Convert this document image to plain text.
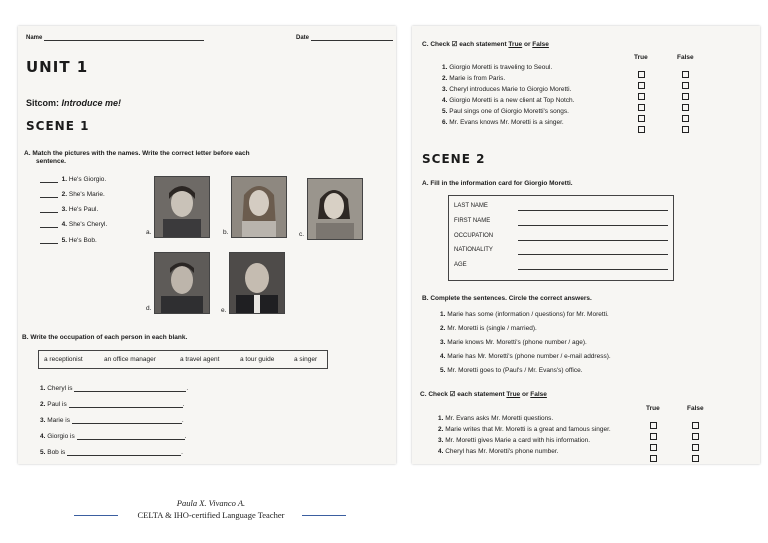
Name	Date
UNIT 1
Sitcom: Introduce me!
SCENE 1
A. Match the pictures with the names. Write the correct letter before each
sentence.
1. He's Giorgio.
2. She's Marie.
3. He's Paul.
4. She's Cheryl.
5. He's Bob.
a.	b.	c.
d.	e.
B. Write the occupation of each person in each blank.
a receptionist	an office manager	a travel agent	a tour guide	a singer
1. Cheryl is	.
2. Paul is	.
3. Marie is	.
4. Giorgio is	.
5. Bob is	.
C. Check ☑ each statement True or False
True	False
1. Giorgio Moretti is traveling to Seoul.
2. Marie is from Paris.
3. Cheryl introduces Marie to Giorgio Moretti.
4. Giorgio Moretti is a new client at Top Notch.
5. Paul sings one of Giorgio Moretti's songs.
6. Mr. Evans knows Mr. Moretti is a singer.
SCENE 2
A. Fill in the information card for Giorgio Moretti.
LAST NAME
FIRST NAME
OCCUPATION
NATIONALITY
AGE
B. Complete the sentences. Circle the correct answers.
1. Marie has some (information / questions) for Mr. Moretti.
2. Mr. Moretti is (single / married).
3. Marie knows Mr. Moretti's (phone number / age).
4. Marie has Mr. Moretti's (phone number / e-mail address).
5. Mr. Moretti goes to (Paul's / Mr. Evans's) office.
C. Check ☑ each statement True or False
True	False
1. Mr. Evans asks Mr. Moretti questions.
2. Marie writes that Mr. Moretti is a great and famous singer.
3. Mr. Moretti gives Marie a card with his information.
4. Cheryl has Mr. Moretti's phone number.
Paula X. Vivanco A.
CELTA & IHO-certified Language Teacher
